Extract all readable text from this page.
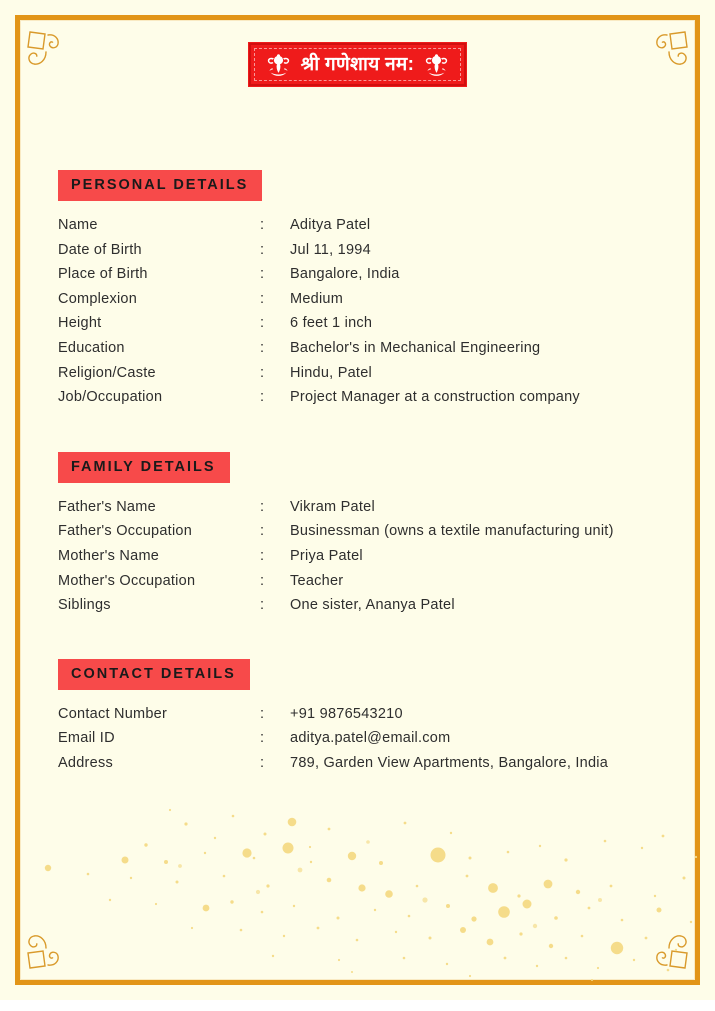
श्री गणेशाय नम:
PERSONAL DETAILS
Name	:	Aditya Patel
Date of Birth	:	Jul 11, 1994
Place of Birth	:	Bangalore, India
Complexion	:	Medium
Height	:	6 feet 1 inch
Education	:	Bachelor's in Mechanical Engineering
Religion/Caste	:	Hindu, Patel
Job/Occupation	:	Project Manager at a construction company
FAMILY DETAILS
Father's Name	:	Vikram Patel
Father's Occupation	:	Businessman (owns a textile manufacturing unit)
Mother's Name	:	Priya Patel
Mother's Occupation	:	Teacher
Siblings	:	One sister, Ananya Patel
CONTACT DETAILS
Contact Number	:	+91 9876543210
Email ID	:	aditya.patel@email.com
Address	:	789, Garden View Apartments, Bangalore, India
